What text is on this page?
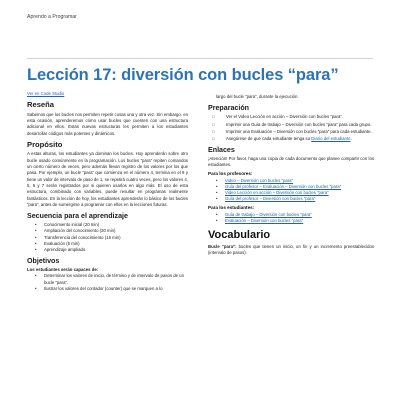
Aprendo a Programar
Lección 17: diversión con bucles “para”
Ver en Code Studio
Reseña

Sabemos que los bucles nos permiten repetir cosas una y otra vez. Sin embargo, en esta ocasión, aprenderemos cómo usar bucles que cuenten con una estructura adicional en ellos. Estas nuevas estructuras les permiten a los estudiantes desarrollar códigos más potentes y dinámicos.

Propósito

A estas alturas, los estudiantes ya dominan los bucles. Hoy aprenderán sobre otro bucle usado comúnmente en la programación. Los bucles “para” repiten comandos un cierto número de veces, pero además llevan registro de los valores por los que pasa. Por ejemplo, un bucle “para” que comienza en el número 4, termina en el 8 y tiene un valor de intervalo de paso de 1, se repetirá cuatro veces, pero los valores 4, 5, 6 y 7 serán registrados por si quieren usarlos en algo más. El uso de esta estructura, combinado con variables, puede resultar en programas realmente fantásticos. En la lección de hoy, los estudiantes aprenderán lo básico de los bucles “para”, antes de sumergirse a programar con ellos en la lecciones futuras.

Secuencia para el aprendizaje
• Conocimiento inicial (20 min)
• Ampliación del conocimiento (20 min)
• Transferencia del conocimiento (15 min)
• Evaluación (5 min)
• Aprendizaje ampliado
Objetivos
Los estudiantes serán capaces de:
• Determinar los valores de inicio, de término y de intervalo de pasos de un bucle “para”.
• Ilustrar los valores del contador (counter) que se marquen a lo

largo del bucle “para”, durante la ejecución.

Preparación
□	Ver el Video Lección en acción – Diversión con bucles “para”.
□	Imprimir una Guía de trabajo – Diversión con bucles “para” para cada grupo.
□	Imprimir una Evaluación – Diversión con bucles “para” para cada estudiante.
□	Asegúrese de que cada estudiante tenga su Diario del estudiante.
Enlaces

¡Atención! Por favor, haga una copia de cada documento que planee compartir con los estudiantes.

Para los profesores:
• Video – Diversión con bucles “para”
• Guía del profesor – Evaluación – Diversión con bucles “para”
• Video Lección en acción – Diversión con bucles “para”
• Guía del profesor – Diversión con bucles “para”
Para los estudiantes:
• Guía de trabajo – Diversión con bucles “para”
• Evaluación – Diversión con bucles “para”
Vocabulario

Bucle “para”: bucles que tienen un inicio, un fin y un incremento preestablecidos (intervalo de pasos).
